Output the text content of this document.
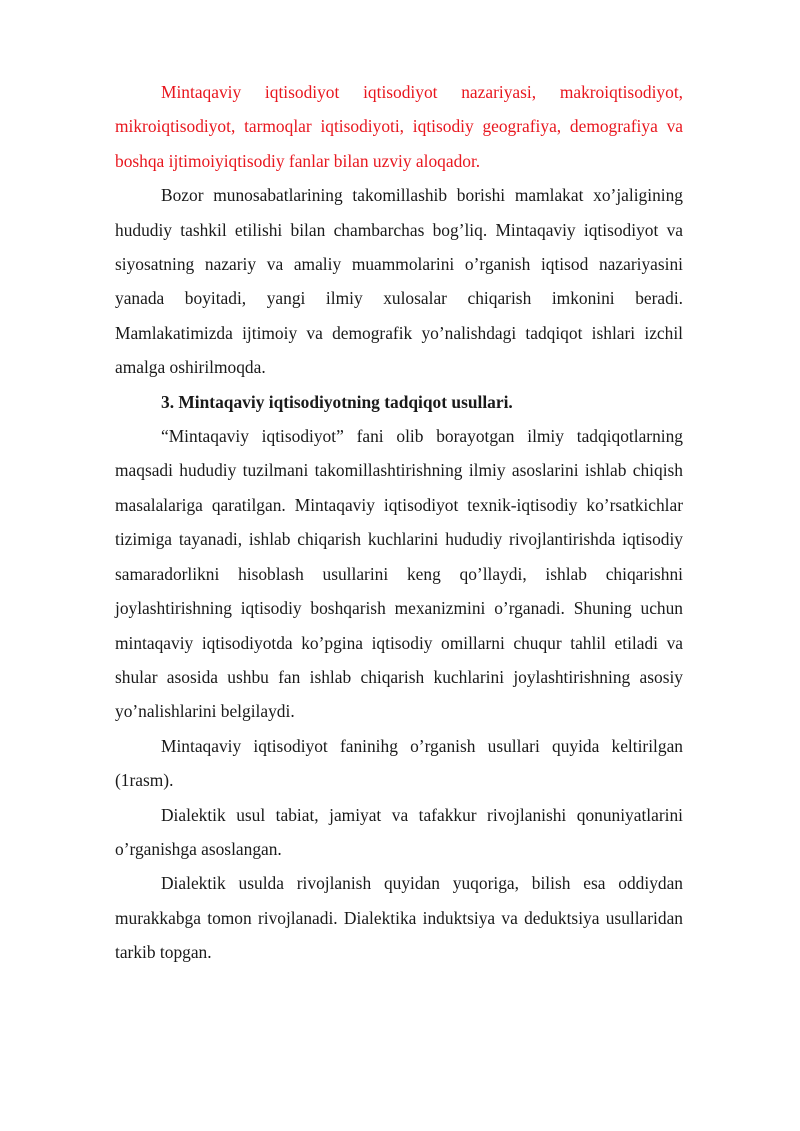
Mintaqaviy iqtisodiyot iqtisodiyot nazariyasi, makroiqtisodiyot, mikroiqtisodiyot, tarmoqlar iqtisodiyoti, iqtisodiy geografiya, demografiya va boshqa ijtimoiyiqtisodiy fanlar bilan uzviy aloqador.

Bozor munosabatlarining takomillashib borishi mamlakat xo’jaligining hududiy tashkil etilishi bilan chambarchas bog’liq. Mintaqaviy iqtisodiyot va siyosatning nazariy va amaliy muammolarini o’rganish iqtisod nazariyasini yanada boyitadi, yangi ilmiy xulosalar chiqarish imkonini beradi. Mamlakatimizda ijtimoiy va demografik yo’nalishdagi tadqiqot ishlari izchil amalga oshirilmoqda.

3. Mintaqaviy iqtisodiyotning tadqiqot usullari.

“Mintaqaviy iqtisodiyot” fani olib borayotgan ilmiy tadqiqotlarning maqsadi hududiy tuzilmani takomillashtirishning ilmiy asoslarini ishlab chiqish masalalariga qaratilgan. Mintaqaviy iqtisodiyot texnik-iqtisodiy ko’rsatkichlar tizimiga tayanadi, ishlab chiqarish kuchlarini hududiy rivojlantirishda iqtisodiy samaradorlikni hisoblash usullarini keng qo’llaydi, ishlab chiqarishni joylashtirishning iqtisodiy boshqarish mexanizmini o’rganadi. Shuning uchun mintaqaviy iqtisodiyotda ko’pgina iqtisodiy omillarni chuqur tahlil etiladi va shular asosida ushbu fan ishlab chiqarish kuchlarini joylashtirishning asosiy yo’nalishlarini belgilaydi.

Mintaqaviy iqtisodiyot faninihg o’rganish usullari quyida keltirilgan (1rasm).

Dialektik usul tabiat, jamiyat va tafakkur rivojlanishi qonuniyatlarini o’rganishga asoslangan.

Dialektik usulda rivojlanish quyidan yuqoriga, bilish esa oddiydan murakkabga tomon rivojlanadi. Dialektika induktsiya va deduktsiya usullaridan tarkib topgan.
